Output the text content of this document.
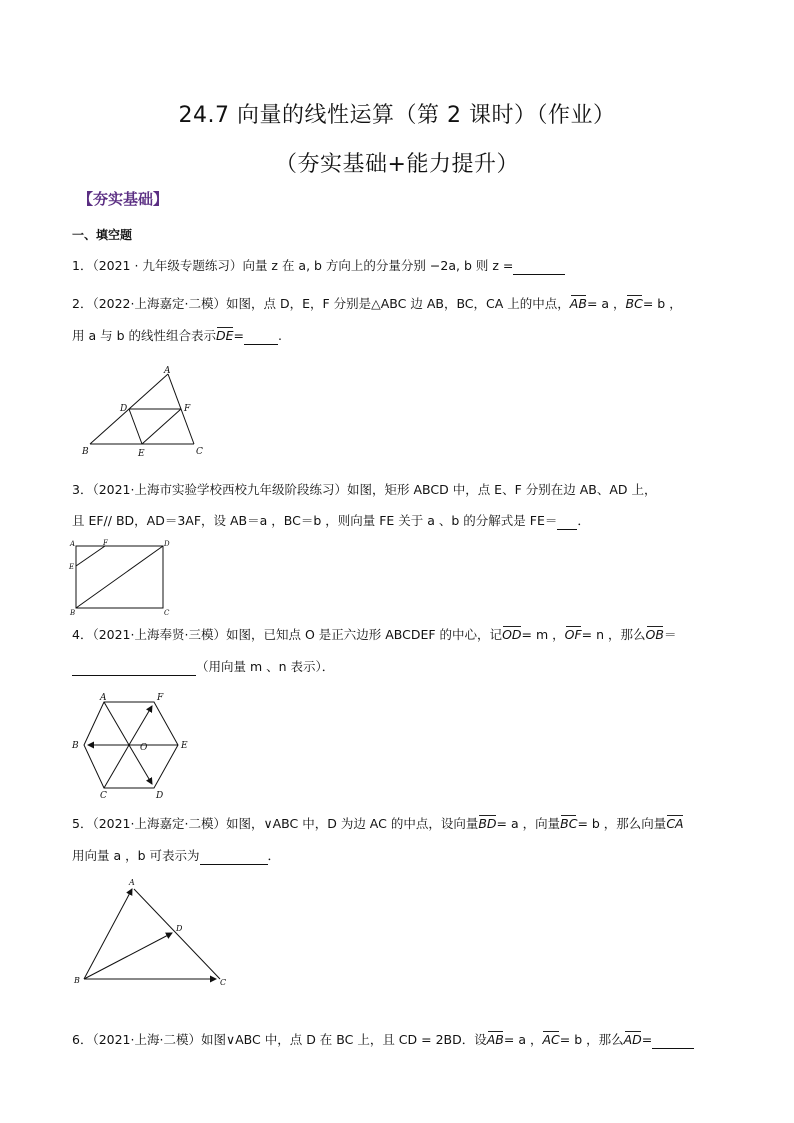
24.7 向量的线性运算（第 2 课时）（作业）
（夯实基础+能力提升）
【夯实基础】
一、填空题
1．（2021 · 九年级专题练习）向量 z 在 a, b 方向上的分量分别 −2a, b 则 z =
2．（2022·上海嘉定·二模）如图，点 D，E，F 分别是△ABC 边 AB，BC，CA 上的中点，AB= a ，BC= b ，
用 a 与 b 的线性组合表示DE=	.
A
B	C
D
E
F
3．（2021·上海市实验学校西校九年级阶段练习）如图，矩形 ABCD 中，点 E、F 分别在边 AB、AD 上，
且 EF// BD，AD＝3AF，设 AB＝a ，BC＝b ，则向量 FE 关于 a 、b 的分解式是 FE＝ ．
A	F	D
E
B	C
4．（2021·上海奉贤·三模）如图，已知点 O 是正六边形 ABCDEF 的中心，记OD= m ，OF= n ，那么OB＝
（用向量 m 、n 表示）．
A	F
B	O	E
C	D
5．（2021·上海嘉定·二模）如图，∨ABC 中，D 为边 AC 的中点，设向量BD= a ，向量BC= b ，那么向量CA
用向量 a ，b 可表示为	．
A
D
B	C
6．（2021·上海·二模）如图∨ABC 中，点 D 在 BC 上，且 CD = 2BD．设AB= a ，AC= b ，那么AD=
